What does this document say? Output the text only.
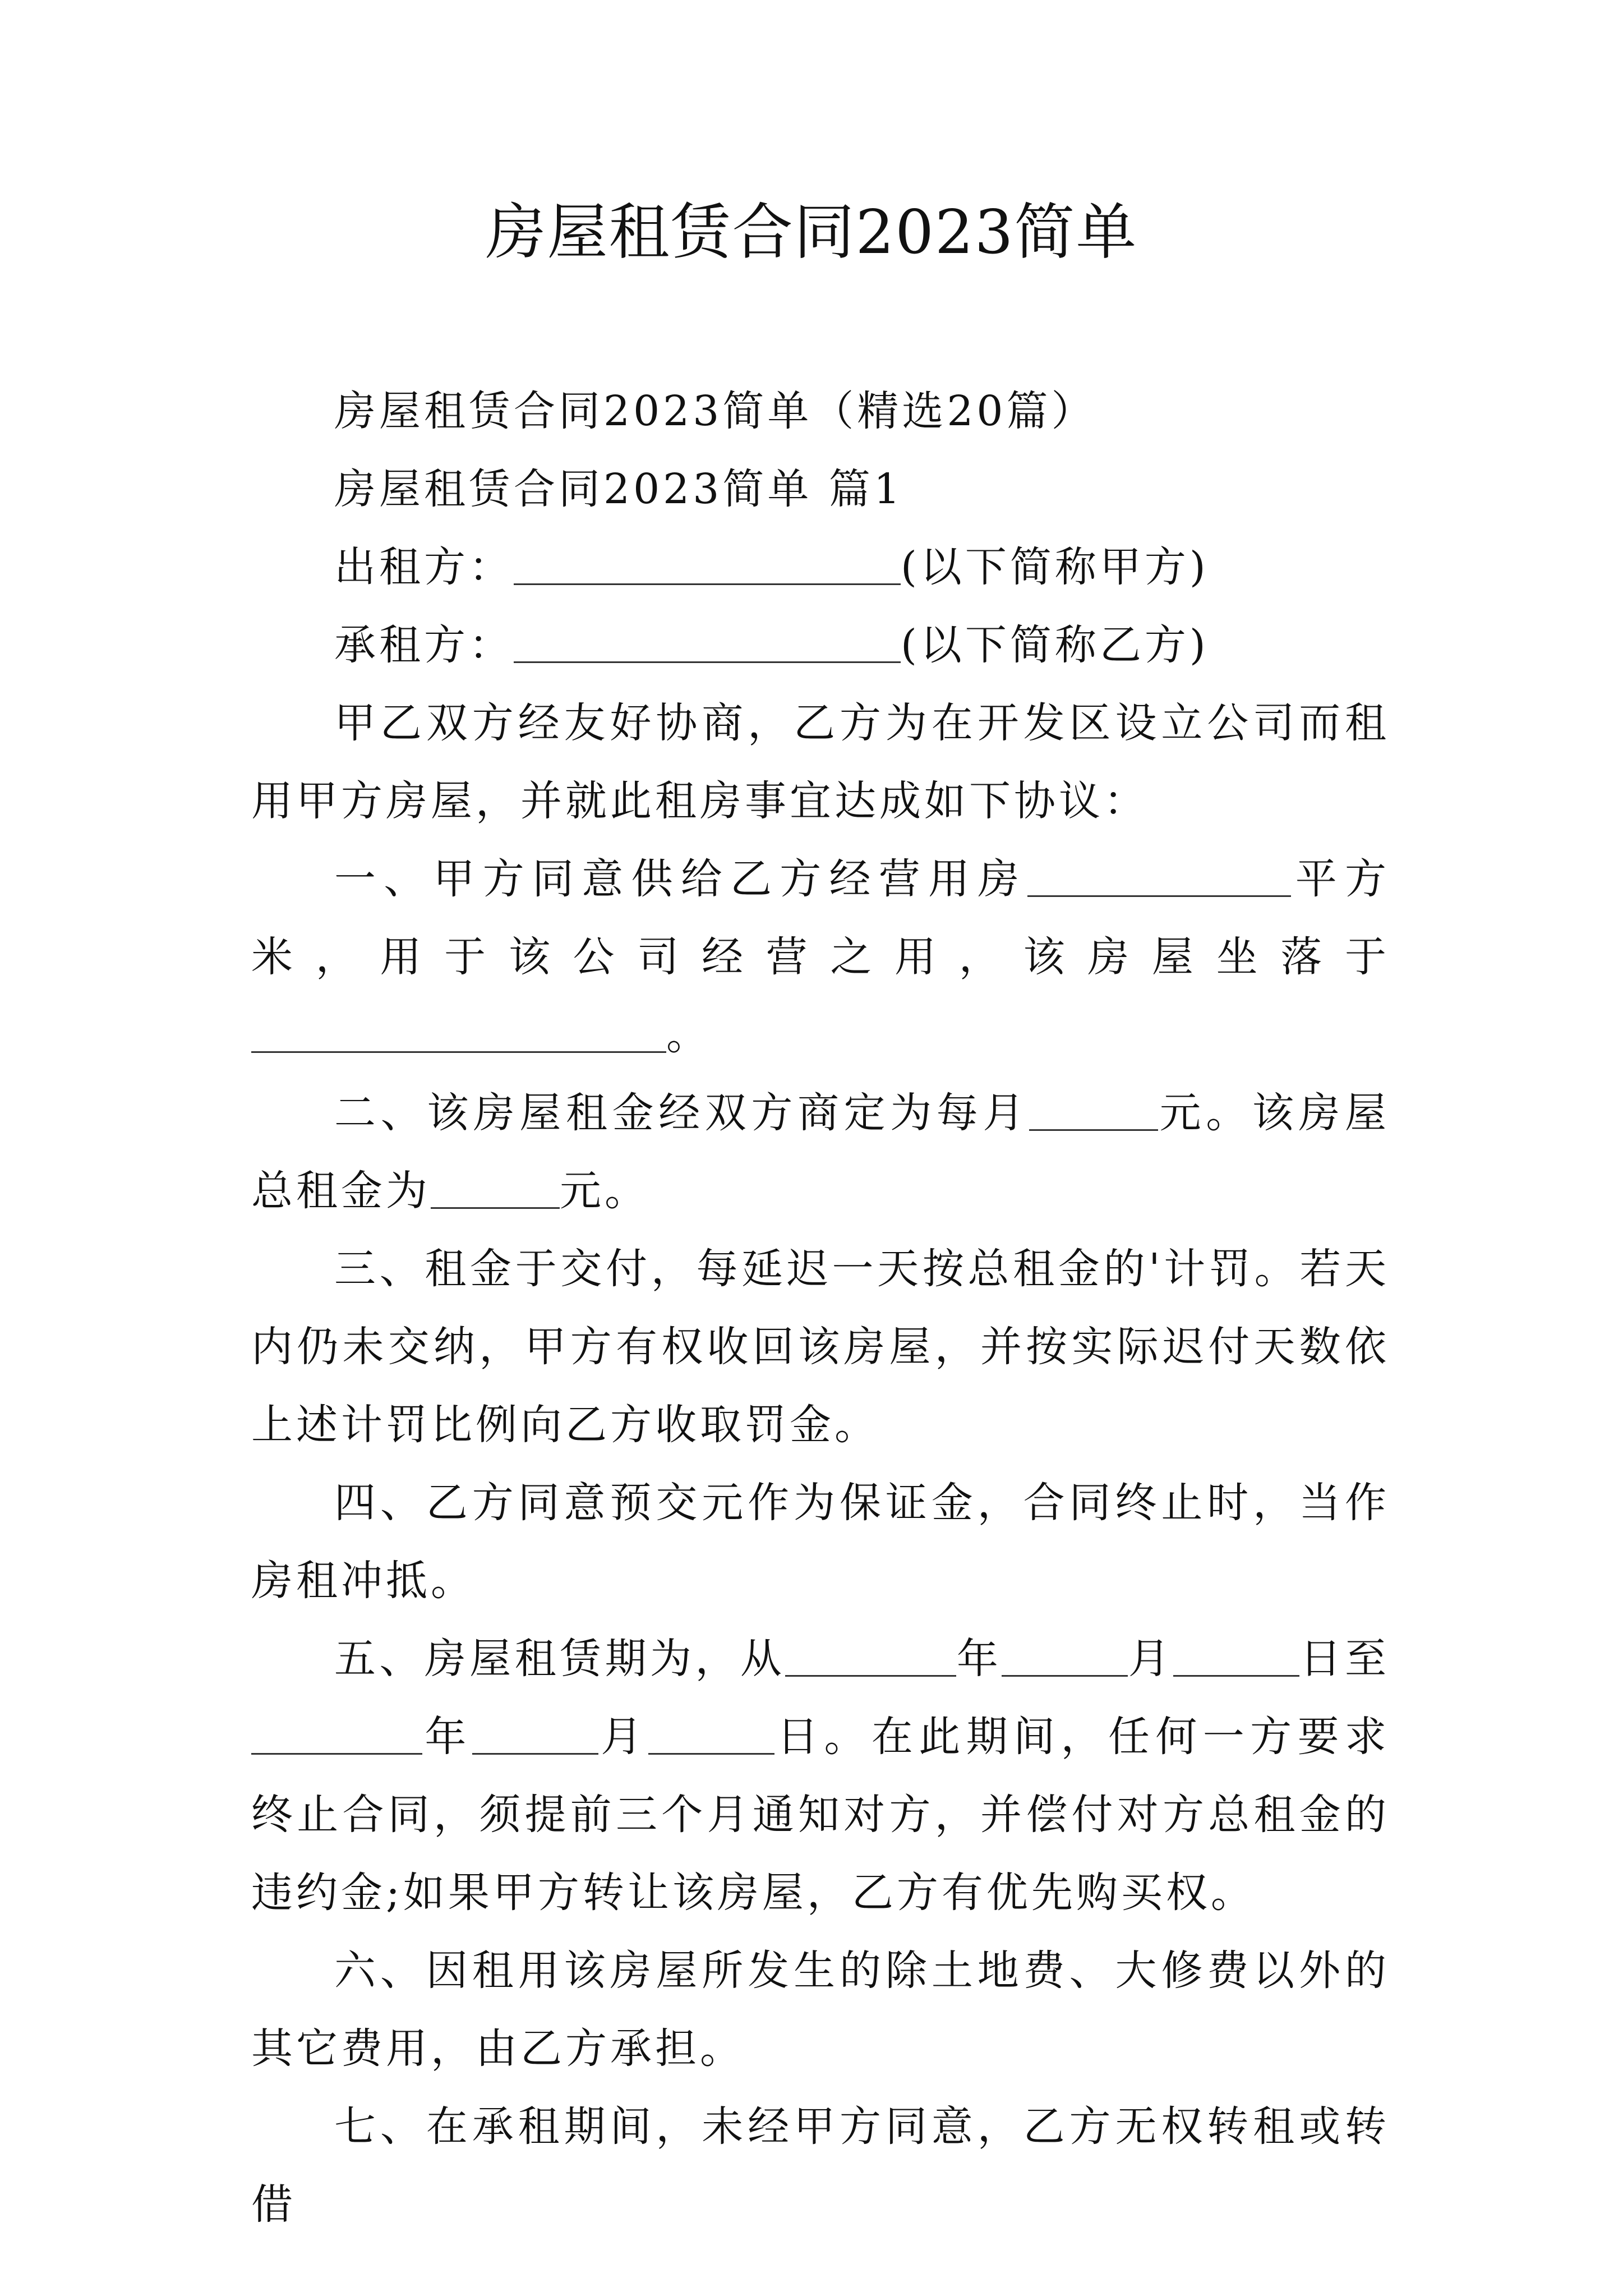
房屋租赁合同2023简单

房屋租赁合同2023简单（精选20篇）

房屋租赁合同2023简单 篇1

出租方：	(以下简称甲方)

承租方：	(以下简称乙方)

甲乙双方经友好协商，乙方为在开发区设立公司而租用甲方房屋，并就此租房事宜达成如下协议：

一、甲方同意供给乙方经营用房	平方米，用于该公司经营之用，该房屋坐落于。

二、该房屋租金经双方商定为每月	元。该房屋总租金为	元。

三、租金于交付，每延迟一天按总租金的'计罚。若天内仍未交纳，甲方有权收回该房屋，并按实际迟付天数依上述计罚比例向乙方收取罚金。

四、乙方同意预交元作为保证金，合同终止时，当作房租冲抵。

五、房屋租赁期为，从	年	月	日至年	月	日。在此期间，任何一方要求终止合同，须提前三个月通知对方，并偿付对方总租金的违约金;如果甲方转让该房屋，乙方有优先购买权。

六、因租用该房屋所发生的除土地费、大修费以外的其它费用，由乙方承担。

七、在承租期间，未经甲方同意，乙方无权转租或转借
